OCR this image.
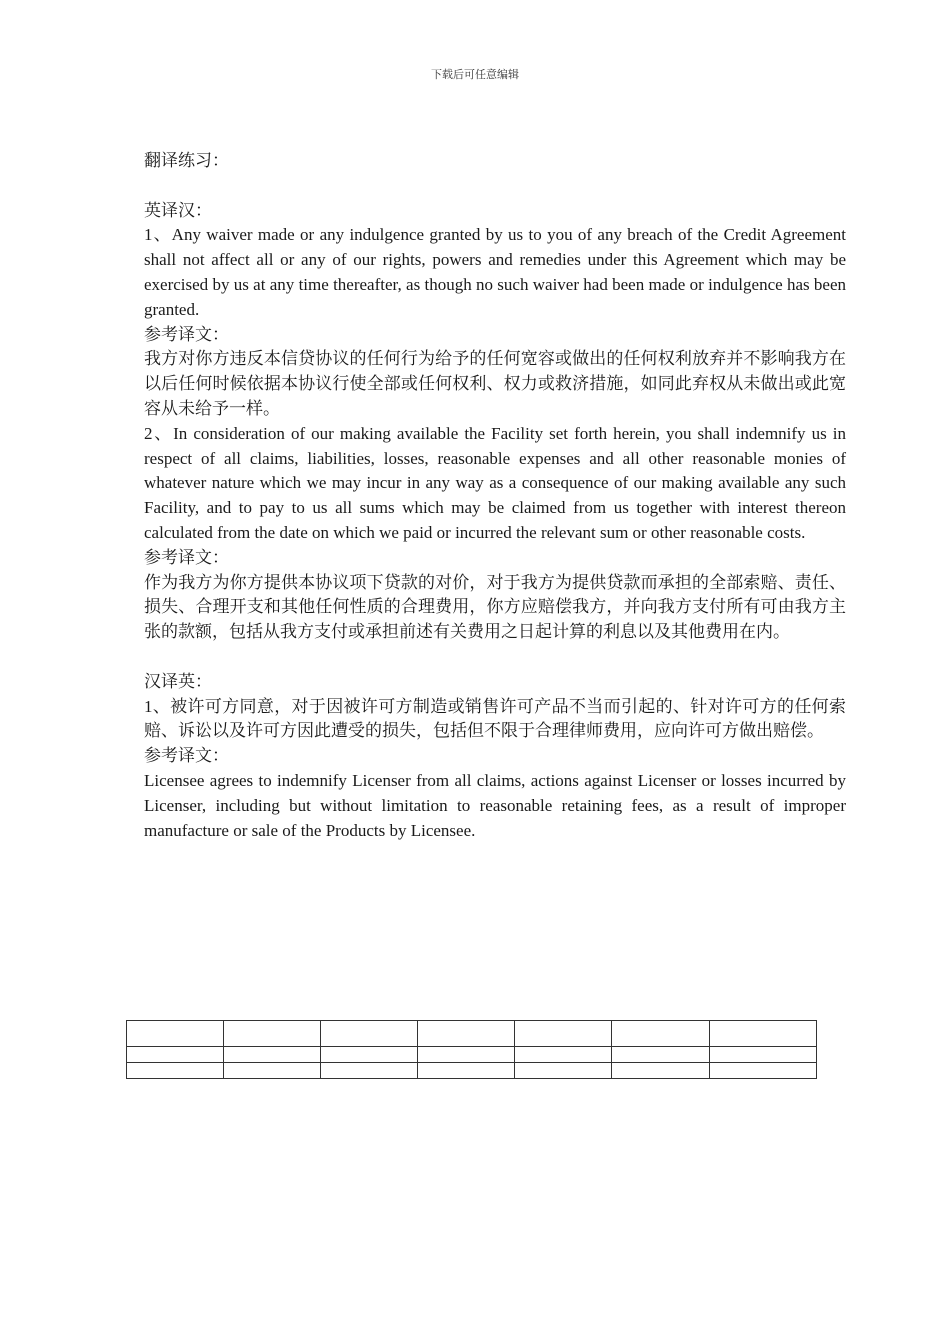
下载后可任意编辑

翻译练习：

英译汉：

1、Any waiver made or any indulgence granted by us to you of any breach of the Credit Agreement shall not affect all or any of our rights, powers and remedies under this Agreement which may be exercised by us at any time thereafter, as though no such waiver had been made or indulgence has been granted.

参考译文：

我方对你方违反本信贷协议的任何行为给予的任何宽容或做出的任何权利放弃并不影响我方在以后任何时候依据本协议行使全部或任何权利、权力或救济措施，如同此弃权从未做出或此宽容从未给予一样。

2、In consideration of our making available the Facility set forth herein, you shall indemnify us in respect of all claims, liabilities, losses, reasonable expenses and all other reasonable monies of whatever nature which we may incur in any way as a consequence of our making available any such Facility, and to pay to us all sums which may be claimed from us together with interest thereon calculated from the date on which we paid or incurred the relevant sum or other reasonable costs.

参考译文：

作为我方为你方提供本协议项下贷款的对价，对于我方为提供贷款而承担的全部索赔、责任、损失、合理开支和其他任何性质的合理费用，你方应赔偿我方，并向我方支付所有可由我方主张的款额，包括从我方支付或承担前述有关费用之日起计算的利息以及其他费用在内。

汉译英：

1、被许可方同意，对于因被许可方制造或销售许可产品不当而引起的、针对许可方的任何索赔、诉讼以及许可方因此遭受的损失，包括但不限于合理律师费用，应向许可方做出赔偿。

参考译文：

Licensee agrees to indemnify Licenser from all claims, actions against Licenser or losses incurred by Licenser, including but without limitation to reasonable retaining fees, as a result of improper manufacture or sale of the Products by Licensee.
